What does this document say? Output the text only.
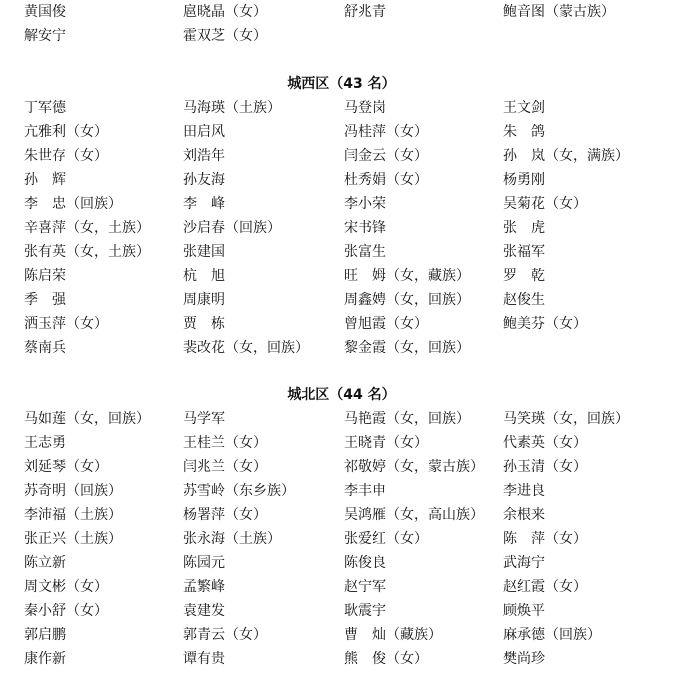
黄国俊	扈晓晶（女）	舒兆青	鲍音图（蒙古族）
解安宁	霍双芝（女）
城西区（43 名）
丁军德	马海瑛（土族）	马登岗	王文剑
亢雅利（女）	田启风	冯桂萍（女）	朱　鸽
朱世存（女）	刘浩年	闫金云（女）	孙　岚（女，满族）
孙　辉	孙友海	杜秀娟（女）	杨勇刚
李　忠（回族）	李　峰	李小荣	吴菊花（女）
辛喜萍（女，土族） 沙启春（回族）	宋书锋	张　虎
张有英（女，土族） 张建国	张富生	张福军
陈启荣	杭　旭	旺　姆（女，藏族） 罗　乾
季　强	周康明	周鑫娉（女，回族） 赵俊生
洒玉萍（女）	贾　栋	曾旭霞（女）	鲍美芬（女）
蔡南兵	裴改花（女，回族）	黎金霞（女，回族）
城北区（44 名）
马如莲（女，回族） 马学军	马艳霞（女，回族） 马笑瑛（女，回族）
王志勇	王桂兰（女）	王晓青（女）	代素英（女）
刘延琴（女）	闫兆兰（女）	祁敬婷（女，蒙古族） 孙玉清（女）
苏奇明（回族）	苏雪岭（东乡族）	李丰申	李进良
李沛福（土族）	杨署萍（女）	吴鸿雁（女，高山族） 余根来
张正兴（土族）	张永海（土族）	张爱红（女）	陈　萍（女）
陈立新	陈园元	陈俊良	武海宁
周文彬（女）	孟繁峰	赵宁军	赵红霞（女）
秦小舒（女）	袁建发	耿震宇	顾焕平
郭启鹏	郭青云（女）	曹　灿（藏族）	麻承德（回族）
康作新	谭有贵	熊　俊（女）	樊尚珍
